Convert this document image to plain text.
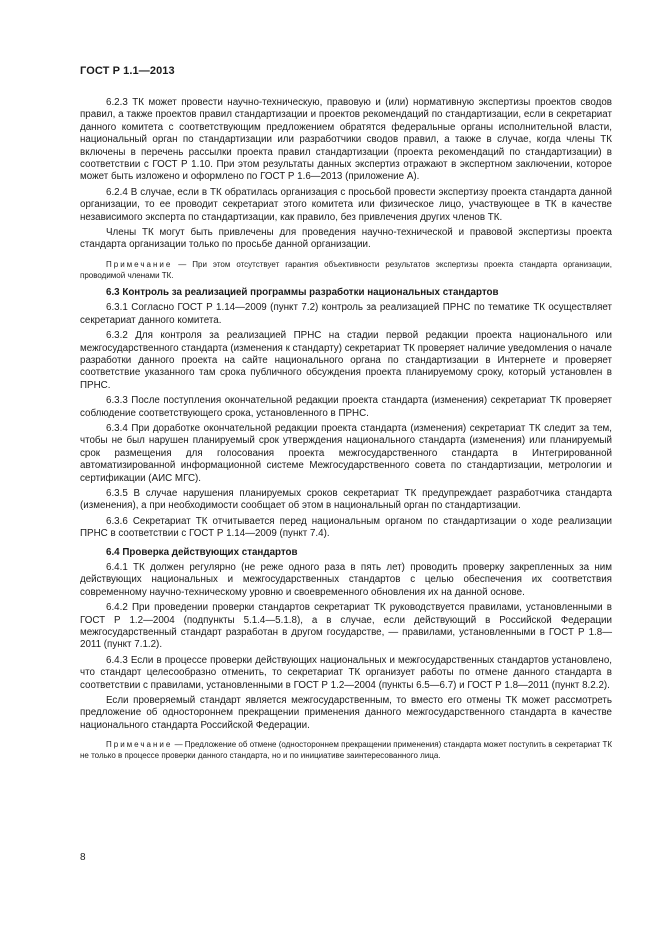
ГОСТ Р 1.1—2013

6.2.3 ТК может провести научно-техническую, правовую и (или) нормативную экспертизы проектов сводов правил, а также проектов правил стандартизации и проектов рекомендаций по стандартизации, если в секретариат данного комитета с соответствующим предложением обратятся федеральные органы исполнительной власти, национальный орган по стандартизации или разработчики сводов правил, а также в случае, когда члены ТК включены в перечень рассылки проекта правил стандартизации (проекта рекомендаций по стандартизации) в соответствии с ГОСТ Р 1.10. При этом результаты данных экспертиз отражают в экспертном заключении, которое может быть изложено и оформлено по ГОСТ Р 1.6—2013 (приложение А).

6.2.4 В случае, если в ТК обратилась организация с просьбой провести экспертизу проекта стандарта данной организации, то ее проводит секретариат этого комитета или физическое лицо, участвующее в ТК в качестве независимого эксперта по стандартизации, как правило, без привлечения других членов ТК.

Члены ТК могут быть привлечены для проведения научно-технической и правовой экспертизы проекта стандарта организации только по просьбе данной организации.

Примечание — При этом отсутствует гарантия объективности результатов экспертизы проекта стандарта организации, проводимой членами ТК.

6.3 Контроль за реализацией программы разработки национальных стандартов

6.3.1 Согласно ГОСТ Р 1.14—2009 (пункт 7.2) контроль за реализацией ПРНС по тематике ТК осуществляет секретариат данного комитета.

6.3.2 Для контроля за реализацией ПРНС на стадии первой редакции проекта национального или межгосударственного стандарта (изменения к стандарту) секретариат ТК проверяет наличие уведомления о начале разработки данного проекта на сайте национального органа по стандартизации в Интернете и проверяет соответствие указанного там срока публичного обсуждения проекта планируемому сроку, который установлен в ПРНС.

6.3.3 После поступления окончательной редакции проекта стандарта (изменения) секретариат ТК проверяет соблюдение соответствующего срока, установленного в ПРНС.

6.3.4 При доработке окончательной редакции проекта стандарта (изменения) секретариат ТК следит за тем, чтобы не был нарушен планируемый срок утверждения национального стандарта (изменения) или планируемый срок размещения для голосования проекта межгосударственного стандарта в Интегрированной автоматизированной информационной системе Межгосударственного совета по стандартизации, метрологии и сертификации (АИС МГС).

6.3.5 В случае нарушения планируемых сроков секретариат ТК предупреждает разработчика стандарта (изменения), а при необходимости сообщает об этом в национальный орган по стандартизации.

6.3.6 Секретариат ТК отчитывается перед национальным органом по стандартизации о ходе реализации ПРНС в соответствии с ГОСТ Р 1.14—2009 (пункт 7.4).

6.4 Проверка действующих стандартов

6.4.1 ТК должен регулярно (не реже одного раза в пять лет) проводить проверку закрепленных за ним действующих национальных и межгосударственных стандартов с целью обеспечения их соответствия современному научно-техническому уровню и своевременного обновления их на данной основе.

6.4.2 При проведении проверки стандартов секретариат ТК руководствуется правилами, установленными в ГОСТ Р 1.2—2004 (подпункты 5.1.4—5.1.8), а в случае, если действующий в Российской Федерации межгосударственный стандарт разработан в другом государстве, — правилами, установленными в ГОСТ Р 1.8—2011 (пункт 7.1.2).

6.4.3 Если в процессе проверки действующих национальных и межгосударственных стандартов установлено, что стандарт целесообразно отменить, то секретариат ТК организует работы по отмене данного стандарта в соответствии с правилами, установленными в ГОСТ Р 1.2—2004 (пункты 6.5—6.7) и ГОСТ Р 1.8—2011 (пункт 8.2.2).

Если проверяемый стандарт является межгосударственным, то вместо его отмены ТК может рассмотреть предложение об одностороннем прекращении применения данного межгосударственного стандарта в качестве национального стандарта Российской Федерации.

Примечание — Предложение об отмене (одностороннем прекращении применения) стандарта может поступить в секретариат ТК не только в процессе проверки данного стандарта, но и по инициативе заинтересованного лица.

8
